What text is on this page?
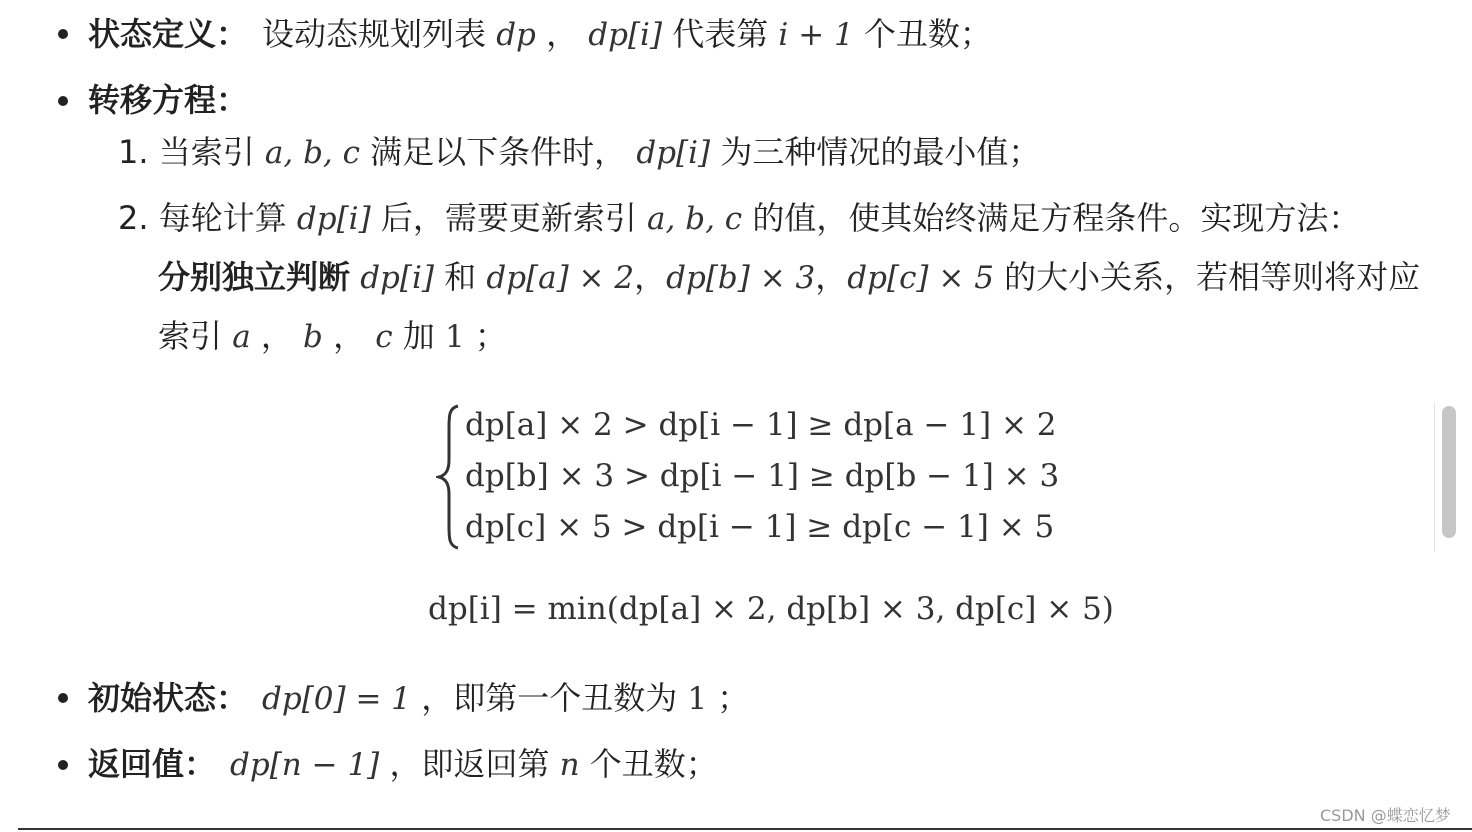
状态定义： 设动态规划列表 dp ， dp[i] 代表第 i + 1 个丑数；
转移方程：
1. 当索引 a, b, c 满足以下条件时， dp[i] 为三种情况的最小值；
2. 每轮计算 dp[i] 后，需要更新索引 a, b, c 的值，使其始终满足方程条件。实现方法：
分别独立判断 dp[i] 和 dp[a] × 2，dp[b] × 3，dp[c] × 5 的大小关系，若相等则将对应
索引 a ， b ， c 加 1 ；
dp[a] × 2 > dp[i − 1] ≥ dp[a − 1] × 2
dp[b] × 3 > dp[i − 1] ≥ dp[b − 1] × 3
dp[c] × 5 > dp[i − 1] ≥ dp[c − 1] × 5
dp[i] = min(dp[a] × 2, dp[b] × 3, dp[c] × 5)
初始状态： dp[0] = 1 ，即第一个丑数为 1 ；
返回值： dp[n − 1] ，即返回第 n 个丑数；
CSDN @蝶恋忆梦
